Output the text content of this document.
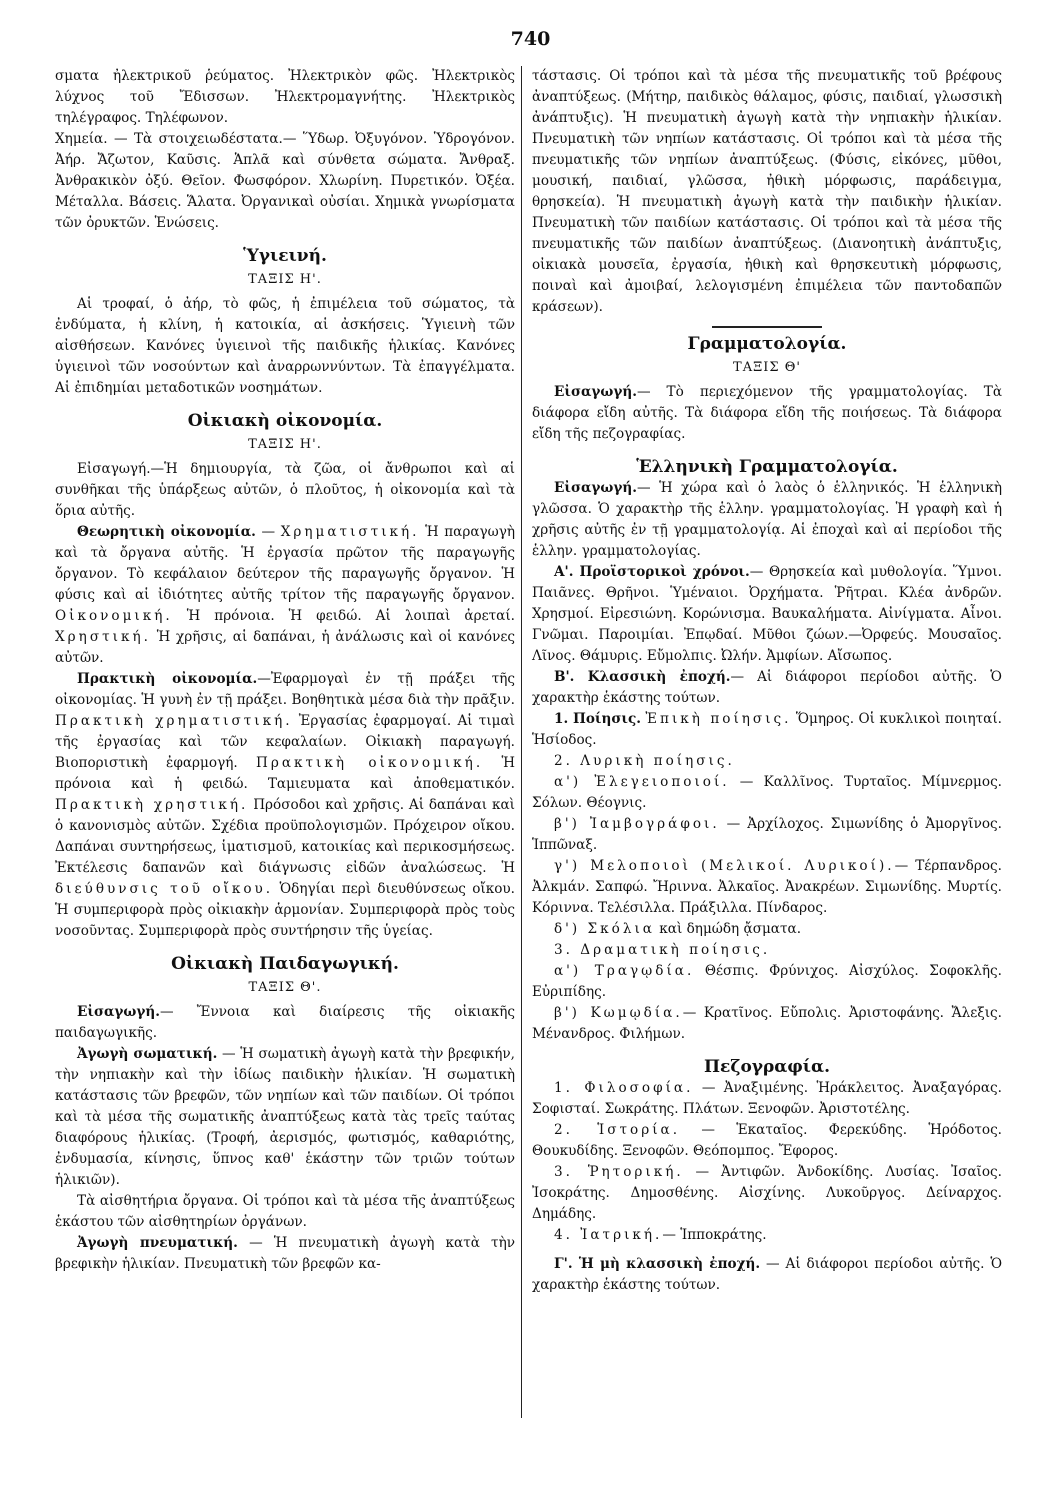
740

σματα ἠλεκτρικοῦ ῥεύματος. Ἠλεκτρικὸν φῶς. Ἠλεκτρικὸς λύχνος τοῦ Ἔδισσων. Ἠλεκτρομαγνήτης. Ἠλεκτρικὸς τηλέγραφος. Τηλέφωνον.

Χημεία. — Τὰ στοιχειωδέστατα.— Ὕδωρ. Ὀξυγόνον. Ὑδρογόνον. Ἀήρ. Ἄζωτον, Καῦσις. Ἁπλᾶ καὶ σύνθετα σώματα. Ἄνθραξ. Ἀνθρακικὸν ὀξύ. Θεῖον. Φωσφόρον. Χλωρίνη. Πυρετικόν. Ὀξέα. Μέταλλα. Βάσεις. Ἅλατα. Ὀργανικαὶ οὐσίαι. Χημικὰ γνωρίσματα τῶν ὀρυκτῶν. Ἑνώσεις.

Ὑγιεινή.
ΤΑΞΙΣ Η'.

Αἱ τροφαί, ὁ ἀήρ, τὸ φῶς, ἡ ἐπιμέλεια τοῦ σώματος, τὰ ἐνδύματα, ἡ κλίνη, ἡ κατοικία, αἱ ἀσκήσεις. Ὑγιεινὴ τῶν αἰσθήσεων. Κανόνες ὑγιεινοὶ τῆς παιδικῆς ἡλικίας. Κανόνες ὑγιεινοὶ τῶν νοσούντων καὶ ἀναρρωννύντων. Τὰ ἐπαγγέλματα. Αἱ ἐπιδημίαι μεταδοτικῶν νοσημάτων.

Οἰκιακὴ οἰκονομία.
ΤΑΞΙΣ Η'.

Εἰσαγωγή.—Ἡ δημιουργία, τὰ ζῶα, οἱ ἄνθρωποι καὶ αἱ συνθῆκαι τῆς ὑπάρξεως αὐτῶν, ὁ πλοῦτος, ἡ οἰκονομία καὶ τὰ ὅρια αὐτῆς.

Θεωρητικὴ οἰκονομία. — Χρηματιστική. Ἡ παραγωγὴ καὶ τὰ ὄργανα αὐτῆς. Ἡ ἐργασία πρῶτον τῆς παραγωγῆς ὄργανον. Τὸ κεφάλαιον δεύτερον τῆς παραγωγῆς ὄργανον. Ἡ φύσις καὶ αἱ ἰδιότητες αὐτῆς τρίτον τῆς παραγωγῆς ὄργανον. Οἰκονομική. Ἡ πρόνοια. Ἡ φειδώ. Αἱ λοιπαὶ ἀρεταί. Χρηστική. Ἡ χρῆσις, αἱ δαπάναι, ἡ ἀνάλωσις καὶ οἱ κανόνες αὐτῶν.

Πρακτικὴ οἰκονομία.—Ἐφαρμογαὶ ἐν τῇ πράξει τῆς οἰκονομίας. Ἡ γυνὴ ἐν τῇ πράξει. Βοηθητικὰ μέσα διὰ τὴν πρᾶξιν. Πρακτικὴ χρηματιστική. Ἐργασίας ἐφαρμογαί. Αἱ τιμαὶ τῆς ἐργασίας καὶ τῶν κεφαλαίων. Οἰκιακὴ παραγωγή. Βιοποριστικὴ ἐφαρμογή. Πρακτικὴ οἰκονομική. Ἡ πρόνοια καὶ ἡ φειδώ. Ταμιευματα καὶ ἀποθεματικόν. Πρακτικὴ χρηστική. Πρόσοδοι καὶ χρῆσις. Αἱ δαπάναι καὶ ὁ κανονισμὸς αὐτῶν. Σχέδια προϋπολογισμῶν. Πρόχειρον οἴκου. Δαπάναι συντηρήσεως, ἱματισμοῦ, κατοικίας καὶ περικοσμήσεως. Ἐκτέλεσις δαπανῶν καὶ διάγνωσις εἰδῶν ἀναλώσεως. Ἡ διεύθυνσις τοῦ οἴκου. Ὁδηγίαι περὶ διευθύνσεως οἴκου. Ἡ συμπεριφορὰ πρὸς οἰκιακὴν ἁρμονίαν. Συμπεριφορὰ πρὸς τοὺς νοσοῦντας. Συμπεριφορὰ πρὸς συντήρησιν τῆς ὑγείας.

Οἰκιακὴ Παιδαγωγική.
ΤΑΞΙΣ Θ'.

Εἰσαγωγή.— Ἔννοια καὶ διαίρεσις τῆς οἰκιακῆς παιδαγωγικῆς.

Ἀγωγὴ σωματική. — Ἡ σωματικὴ ἀγωγὴ κατὰ τὴν βρεφικήν, τὴν νηπιακὴν καὶ τὴν ἰδίως παιδικὴν ἡλικίαν. Ἡ σωματικὴ κατάστασις τῶν βρεφῶν, τῶν νηπίων καὶ τῶν παιδίων. Οἱ τρόποι καὶ τὰ μέσα τῆς σωματικῆς ἀναπτύξεως κατὰ τὰς τρεῖς ταύτας διαφόρους ἡλικίας. (Τροφή, ἀερισμός, φωτισμός, καθαριότης, ἐνδυμασία, κίνησις, ὕπνος καθ' ἑκάστην τῶν τριῶν τούτων ἡλικιῶν).

Τὰ αἰσθητήρια ὄργανα. Οἱ τρόποι καὶ τὰ μέσα τῆς ἀναπτύξεως ἑκάστου τῶν αἰσθητηρίων ὀργάνων.

Ἀγωγὴ πνευματική. — Ἡ πνευματικὴ ἀγωγὴ κατὰ τὴν βρεφικὴν ἡλικίαν. Πνευματικὴ τῶν βρεφῶν κα-

τάστασις. Οἱ τρόποι καὶ τὰ μέσα τῆς πνευματικῆς τοῦ βρέφους ἀναπτύξεως. (Μήτηρ, παιδικὸς θάλαμος, φύσις, παιδιαί, γλωσσικὴ ἀνάπτυξις). Ἡ πνευματικὴ ἀγωγὴ κατὰ τὴν νηπιακὴν ἡλικίαν. Πνευματικὴ τῶν νηπίων κατάστασις. Οἱ τρόποι καὶ τὰ μέσα τῆς πνευματικῆς τῶν νηπίων ἀναπτύξεως. (Φύσις, εἰκόνες, μῦθοι, μουσική, παιδιαί, γλῶσσα, ἠθικὴ μόρφωσις, παράδειγμα, θρησκεία). Ἡ πνευματικὴ ἀγωγὴ κατὰ τὴν παιδικὴν ἡλικίαν. Πνευματικὴ τῶν παιδίων κατάστασις. Οἱ τρόποι καὶ τὰ μέσα τῆς πνευματικῆς τῶν παιδίων ἀναπτύξεως. (Διανοητικὴ ἀνάπτυξις, οἰκιακὰ μουσεῖα, ἐργασία, ἠθικὴ καὶ θρησκευτικὴ μόρφωσις, ποιναὶ καὶ ἀμοιβαί, λελογισμένη ἐπιμέλεια τῶν παντοδαπῶν κράσεων).

Γραμματολογία.
ΤΑΞΙΣ Θ'

Εἰσαγωγή.— Τὸ περιεχόμενον τῆς γραμματολογίας. Τὰ διάφορα εἴδη αὐτῆς. Τὰ διάφορα εἴδη τῆς ποιήσεως. Τὰ διάφορα εἴδη τῆς πεζογραφίας.

Ἑλληνικὴ Γραμματολογία.

Εἰσαγωγή.— Ἡ χώρα καὶ ὁ λαὸς ὁ ἑλληνικός. Ἡ ἑλληνικὴ γλῶσσα. Ὁ χαρακτὴρ τῆς ἑλλην. γραμματολογίας. Ἡ γραφὴ καὶ ἡ χρῆσις αὐτῆς ἐν τῇ γραμματολογίᾳ. Αἱ ἐποχαὶ καὶ αἱ περίοδοι τῆς ἑλλην. γραμματολογίας.

Α'. Προϊστορικοὶ χρόνοι.— Θρησκεία καὶ μυθολογία. Ὕμνοι. Παιᾶνες. Θρῆνοι. Ὑμέναιοι. Ὀρχήματα. Ῥῆτραι. Κλέα ἀνδρῶν. Χρησμοί. Εἰρεσιώνη. Κορώνισμα. Βαυκαλήματα. Αἰνίγματα. Αἶνοι. Γνῶμαι. Παροιμίαι. Ἐπῳδαί. Μῦθοι ζώων.—Ὀρφεύς. Μουσαῖος. Λῖνος. Θάμυρις. Εὔμολπις. Ὠλήν. Ἀμφίων. Αἴσωπος.

Β'. Κλασσικὴ ἐποχή.— Αἱ διάφοροι περίοδοι αὐτῆς. Ὁ χαρακτὴρ ἑκάστης τούτων.

1. Ποίησις. Ἐπικὴ ποίησις. Ὅμηρος. Οἱ κυκλικοὶ ποιηταί. Ἡσίοδος.

2. Λυρικὴ ποίησις.

α') Ἐλεγειοποιοί. — Καλλῖνος. Τυρταῖος. Μίμνερμος. Σόλων. Θέογνις.

β') Ἰαμβογράφοι. — Ἀρχίλοχος. Σιμωνίδης ὁ Ἀμοργῖνος. Ἱππῶναξ.

γ') Μελοποιοὶ (Μελικοί. Λυρικοί).— Τέρπανδρος. Ἀλκμάν. Σαπφώ. Ἤριννα. Ἀλκαῖος. Ἀνακρέων. Σιμωνίδης. Μυρτίς. Κόριννα. Τελέσιλλα. Πράξιλλα. Πίνδαρος.

δ') Σκόλια καὶ δημώδη ᾄσματα.

3. Δραματικὴ ποίησις.

α') Τραγῳδία. Θέσπις. Φρύνιχος. Αἰσχύλος. Σοφοκλῆς. Εὐριπίδης.

β') Κωμῳδία.— Κρατῖνος. Εὔπολις. Ἀριστοφάνης. Ἄλεξις. Μένανδρος. Φιλήμων.

Πεζογραφία.

1. Φιλοσοφία. — Ἀναξιμένης. Ἡράκλειτος. Ἀναξαγόρας. Σοφισταί. Σωκράτης. Πλάτων. Ξενοφῶν. Ἀριστοτέλης.

2. Ἱστορία. — Ἑκαταῖος. Φερεκύδης. Ἡρόδοτος. Θουκυδίδης. Ξενοφῶν. Θεόπομπος. Ἔφορος.

3. Ῥητορική. — Ἀντιφῶν. Ἀνδοκίδης. Λυσίας. Ἰσαῖος. Ἰσοκράτης. Δημοσθένης. Αἰσχίνης. Λυκοῦργος. Δείναρχος. Δημάδης.

4. Ἰατρική.— Ἱπποκράτης.

Γ'. Ἡ μὴ κλασσικὴ ἐποχή. — Αἱ διάφοροι περίοδοι αὐτῆς. Ὁ χαρακτὴρ ἑκάστης τούτων.
